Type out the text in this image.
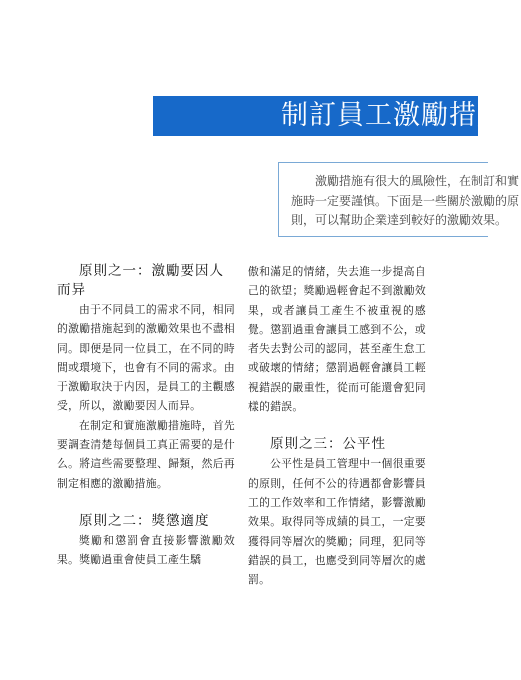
制訂員工激勵措施

激勵措施有很大的風險性，在制訂和實施時一定要謹慎。下面是一些關於激勵的原則，可以幫助企業達到較好的激勵效果。

原則之一：激勵要因人而异

由于不同員工的需求不同，相同的激勵措施起到的激勵效果也不盡相同。即便是同一位員工，在不同的時間或環境下，也會有不同的需求。由于激勵取決于内因，是員工的主觀感受，所以，激勵要因人而异。

在制定和實施激勵措施時，首先要調查清楚每個員工真正需要的是什么。將這些需要整理、歸類，然后再制定相應的激勵措施。

原則之二：獎懲適度

獎勵和懲罰會直接影響激勵效果。獎勵過重會使員工產生驕

傲和滿足的情緒，失去進一步提高自己的欲望；獎勵過輕會起不到激勵效果，或者讓員工產生不被重視的感覺。懲罰過重會讓員工感到不公，或者失去對公司的認同，甚至產生怠工或破壞的情緒；懲罰過輕會讓員工輕視錯誤的嚴重性，從而可能還會犯同樣的錯誤。

原則之三：公平性

公平性是員工管理中一個很重要的原則，任何不公的待遇都會影響員工的工作效率和工作情緒，影響激勵效果。取得同等成績的員工，一定要獲得同等層次的獎勵；同理，犯同等錯誤的員工，也應受到同等層次的處罰。
